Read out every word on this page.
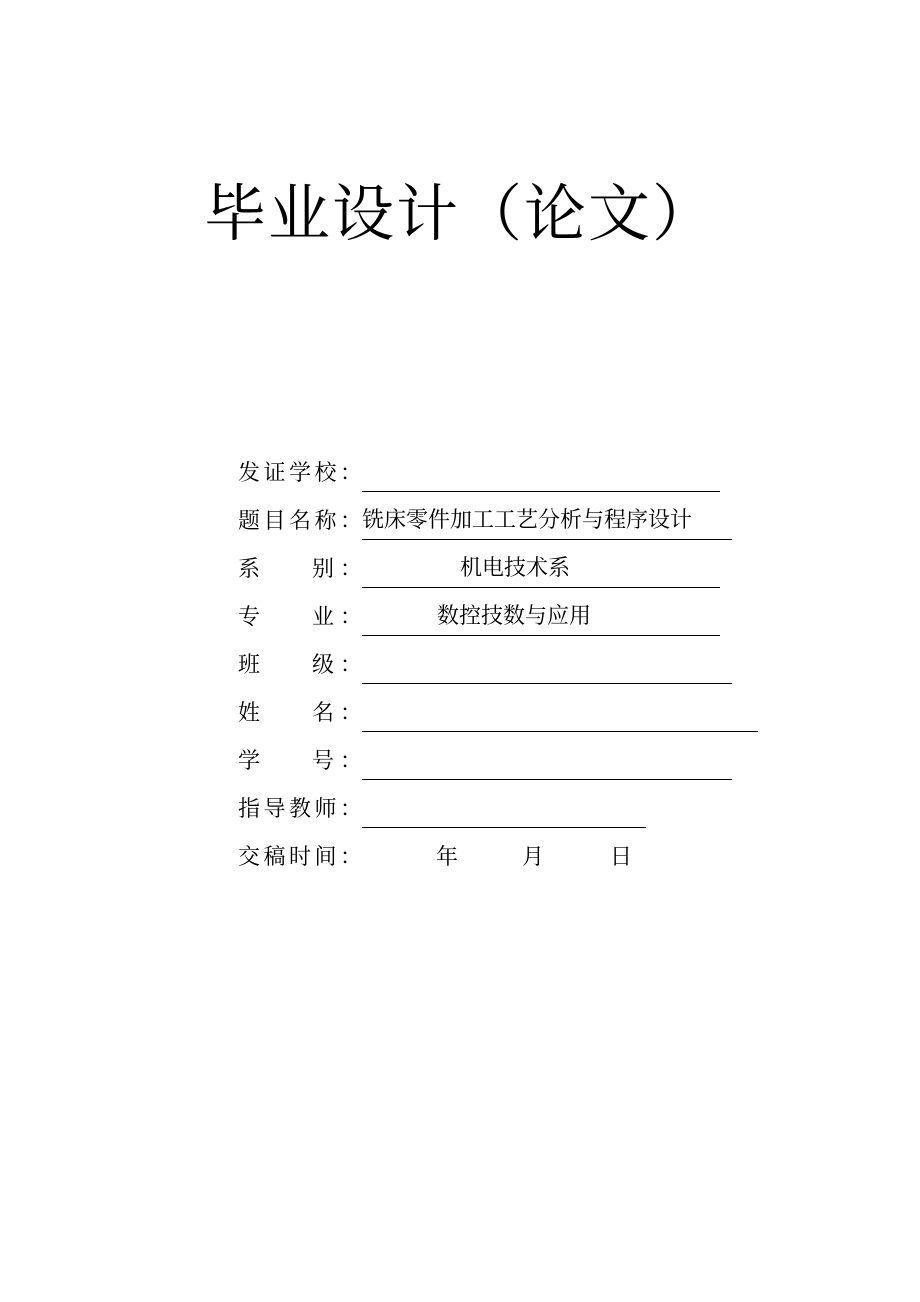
毕业设计（论文）
发 证 学 校 ：
题 目 名 称 ： 铣床零件加工工艺分析与程序设计
系 别 ：	机电技术系
专 业 ：	数控技数与应用
班 级 ：
姓 名 ：
学 号 ：
指 导 教 师 ：
交 稿 时 间 ：	年	月	日
